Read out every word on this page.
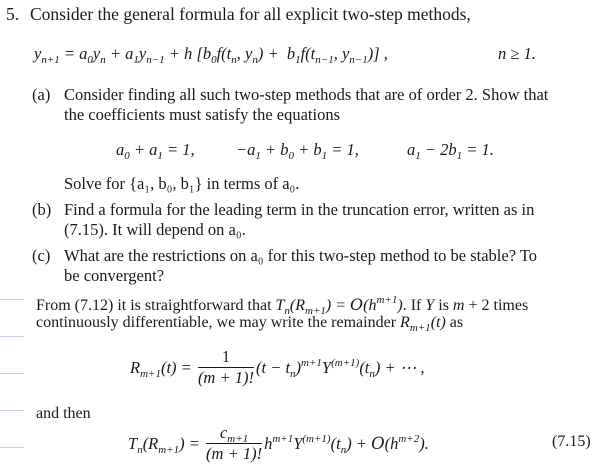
5. Consider the general formula for all explicit two-step methods,
$y_{n+1} = a_0y_n + a_1y_{n-1} + h$ [$b_0f(t_n$, $y_n) + b_1f(t_{n-1}$, $y_{n-1}$)] ,	n ≥ 1.
(a) Consider finding all such two-step methods that are of order 2. Show that
the coefficients must satisfy the equations
$a_0 + a_1 = 1$,	$-a_1 + b_0 + b_1 = 1$,	$a_1 - 2b_1 = 1$.
Solve for {a₁, b₀, b₁} in terms of a₀.
(b) Find a formula for the leading term in the truncation error, written as in
(7.15). It will depend on a₀.
(c) What are the restrictions on a₀ for this two-step method to be stable? To
be convergent?
From (7.12) it is straightforward that $T_n(R_{m+1}) = O(h^{m+1})$. If Y is m + 2 times
continuously differentiable, we may write the remainder $R_{m+1}(t)$ as
$R_{m+1}(t) = \frac{1}{(m + 1)!} (t - t_n)^{m+1}Y^{(m+1)}(t_n)$ + ⋯ ,
and then
$T_n(R_{m+1}) = \frac{c_{m+1}}{(m + 1)!} h^{m+1}Y^{(m+1)}(t_n) + O(h^{m+2})$.	(7.15)
